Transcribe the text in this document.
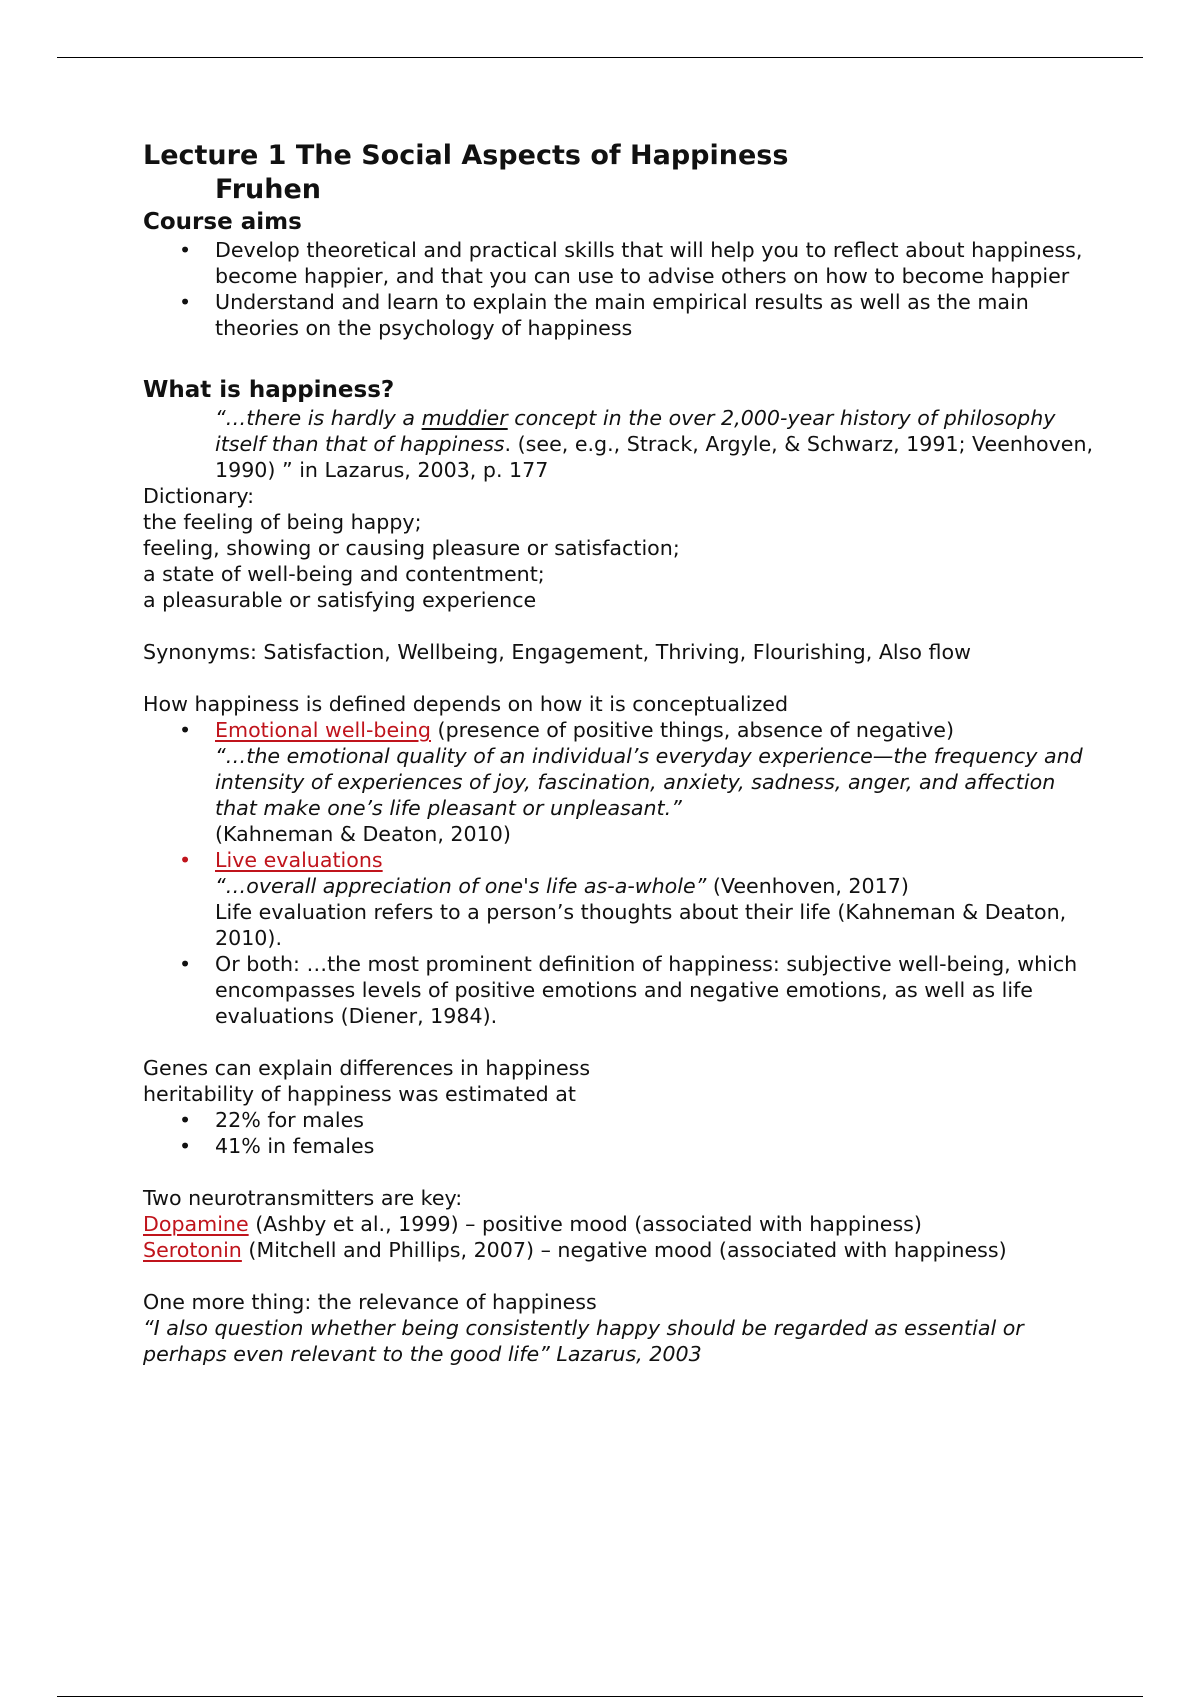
Lecture 1 The Social Aspects of Happiness
Fruhen
Course aims
• Develop theoretical and practical skills that will help you to reflect about happiness, become happier, and that you can use to advise others on how to become happier
• Understand and learn to explain the main empirical results as well as the main theories on the psychology of happiness
What is happiness?

“…there is hardly a muddier concept in the over 2,000-year history of philosophy itself than that of happiness. (see, e.g., Strack, Argyle, & Schwarz, 1991; Veenhoven, 1990) ” in Lazarus, 2003, p. 177

Dictionary:

the feeling of being happy;

feeling, showing or causing pleasure or satisfaction;

a state of well-being and contentment;

a pleasurable or satisfying experience

Synonyms: Satisfaction, Wellbeing, Engagement, Thriving, Flourishing, Also flow

How happiness is defined depends on how it is conceptualized

• Emotional well-being (presence of positive things, absence of negative)
“…the emotional quality of an individual’s everyday experience—the frequency and intensity of experiences of joy, fascination, anxiety, sadness, anger, and affection that make one’s life pleasant or unpleasant.”
(Kahneman & Deaton, 2010)
• Live evaluations
“…overall appreciation of one's life as-a-whole” (Veenhoven, 2017)
Life evaluation refers to a person’s thoughts about their life (Kahneman & Deaton, 2010).
• Or both: …the most prominent definition of happiness: subjective well-being, which encompasses levels of positive emotions and negative emotions, as well as life evaluations (Diener, 1984).

Genes can explain differences in happiness

heritability of happiness was estimated at

• 22% for males
• 41% in females

Two neurotransmitters are key:

Dopamine (Ashby et al., 1999) – positive mood (associated with happiness)

Serotonin (Mitchell and Phillips, 2007) – negative mood (associated with happiness)

One more thing: the relevance of happiness

“I also question whether being consistently happy should be regarded as essential or perhaps even relevant to the good life” Lazarus, 2003
